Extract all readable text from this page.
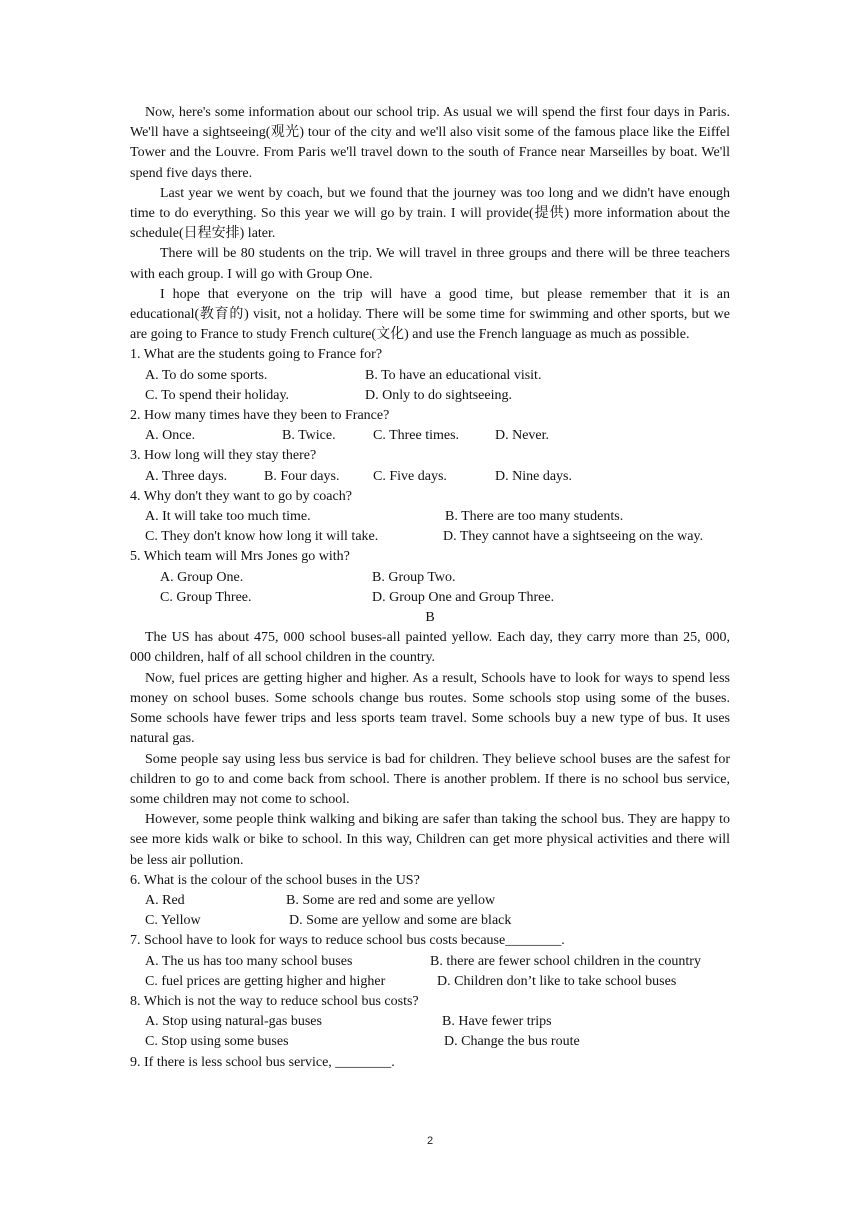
Now, here's some information about our school trip. As usual we will spend the first four days in Paris. We'll have a sightseeing(观光) tour of the city and we'll also visit some of the famous place like the Eiffel Tower and the Louvre. From Paris we'll travel down to the south of France near Marseilles by boat. We'll spend five days there.

Last year we went by coach, but we found that the journey was too long and we didn't have enough time to do everything. So this year we will go by train. I will provide(提供) more information about the schedule(日程安排) later.

There will be 80 students on the trip. We will travel in three groups and there will be three teachers with each group. I will go with Group One.

I hope that everyone on the trip will have a good time, but please remember that it is an educational(教育的) visit, not a holiday. There will be some time for swimming and other sports, but we are going to France to study French culture(文化) and use the French language as much as possible.

1. What are the students going to France for?
A. To do some sports.	B. To have an educational visit.
C. To spend their holiday.	D. Only to do sightseeing.
2. How many times have they been to France?
A. Once.	B. Twice.	C. Three times.	D. Never.
3. How long will they stay there?
A. Three days.	B. Four days.	C. Five days.	D. Nine days.
4. Why don't they want to go by coach?
A. It will take too much time.	B. There are too many students.
C. They don't know how long it will take.	D. They cannot have a sightseeing on the way.
5. Which team will Mrs Jones go with?
A. Group One.	B. Group Two.
C. Group Three.	D. Group One and Group Three.
B

The US has about 475, 000 school buses-all painted yellow. Each day, they carry more than 25, 000, 000 children, half of all school children in the country.

Now, fuel prices are getting higher and higher. As a result, Schools have to look for ways to spend less money on school buses. Some schools change bus routes. Some schools stop using some of the buses. Some schools have fewer trips and less sports team travel. Some schools buy a new type of bus. It uses natural gas.

Some people say using less bus service is bad for children. They believe school buses are the safest for children to go to and come back from school. There is another problem. If there is no school bus service, some children may not come to school.

However, some people think walking and biking are safer than taking the school bus. They are happy to see more kids walk or bike to school. In this way, Children can get more physical activities and there will be less air pollution.

6. What is the colour of the school buses in the US?
A. Red	B. Some are red and some are yellow
C. Yellow	D. Some are yellow and some are black
7. School have to look for ways to reduce school bus costs because________.
A. The us has too many school buses	B. there are fewer school children in the country
C. fuel prices are getting higher and higher	D. Children don’t like to take school buses
8. Which is not the way to reduce school bus costs?
A. Stop using natural-gas buses	B. Have fewer trips
C. Stop using some buses	D. Change the bus route
9. If there is less school bus service, ________.
2
